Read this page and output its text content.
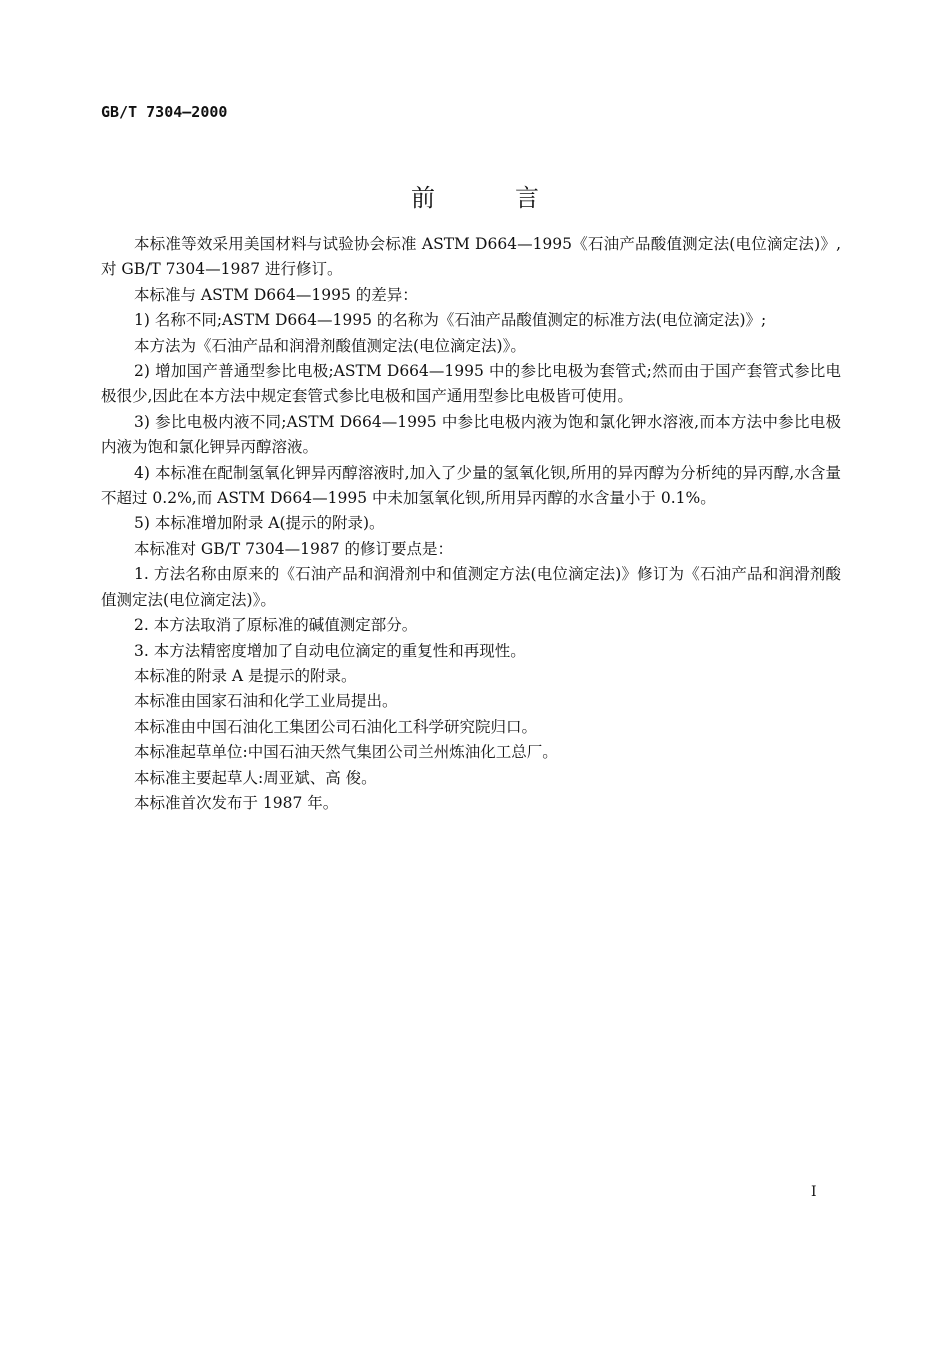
GB/T 7304—2000
前言

本标准等效采用美国材料与试验协会标准 ASTM D664—1995《石油产品酸值测定法(电位滴定法)》,对 GB/T 7304—1987 进行修订。

本标准与 ASTM D664—1995 的差异：

1) 名称不同;ASTM D664—1995 的名称为《石油产品酸值测定的标准方法(电位滴定法)》;

本方法为《石油产品和润滑剂酸值测定法(电位滴定法)》。

2) 增加国产普通型参比电极;ASTM D664—1995 中的参比电极为套管式;然而由于国产套管式参比电极很少,因此在本方法中规定套管式参比电极和国产通用型参比电极皆可使用。

3) 参比电极内液不同;ASTM D664—1995 中参比电极内液为饱和氯化钾水溶液,而本方法中参比电极内液为饱和氯化钾异丙醇溶液。

4) 本标准在配制氢氧化钾异丙醇溶液时,加入了少量的氢氧化钡,所用的异丙醇为分析纯的异丙醇,水含量不超过 0.2%,而 ASTM D664—1995 中未加氢氧化钡,所用异丙醇的水含量小于 0.1%。

5) 本标准增加附录 A(提示的附录)。

本标准对 GB/T 7304—1987 的修订要点是：

1. 方法名称由原来的《石油产品和润滑剂中和值测定方法(电位滴定法)》修订为《石油产品和润滑剂酸值测定法(电位滴定法)》。

2. 本方法取消了原标准的碱值测定部分。

3. 本方法精密度增加了自动电位滴定的重复性和再现性。

本标准的附录 A 是提示的附录。

本标准由国家石油和化学工业局提出。

本标准由中国石油化工集团公司石油化工科学研究院归口。

本标准起草单位:中国石油天然气集团公司兰州炼油化工总厂。

本标准主要起草人:周亚斌、高 俊。

本标准首次发布于 1987 年。

I
